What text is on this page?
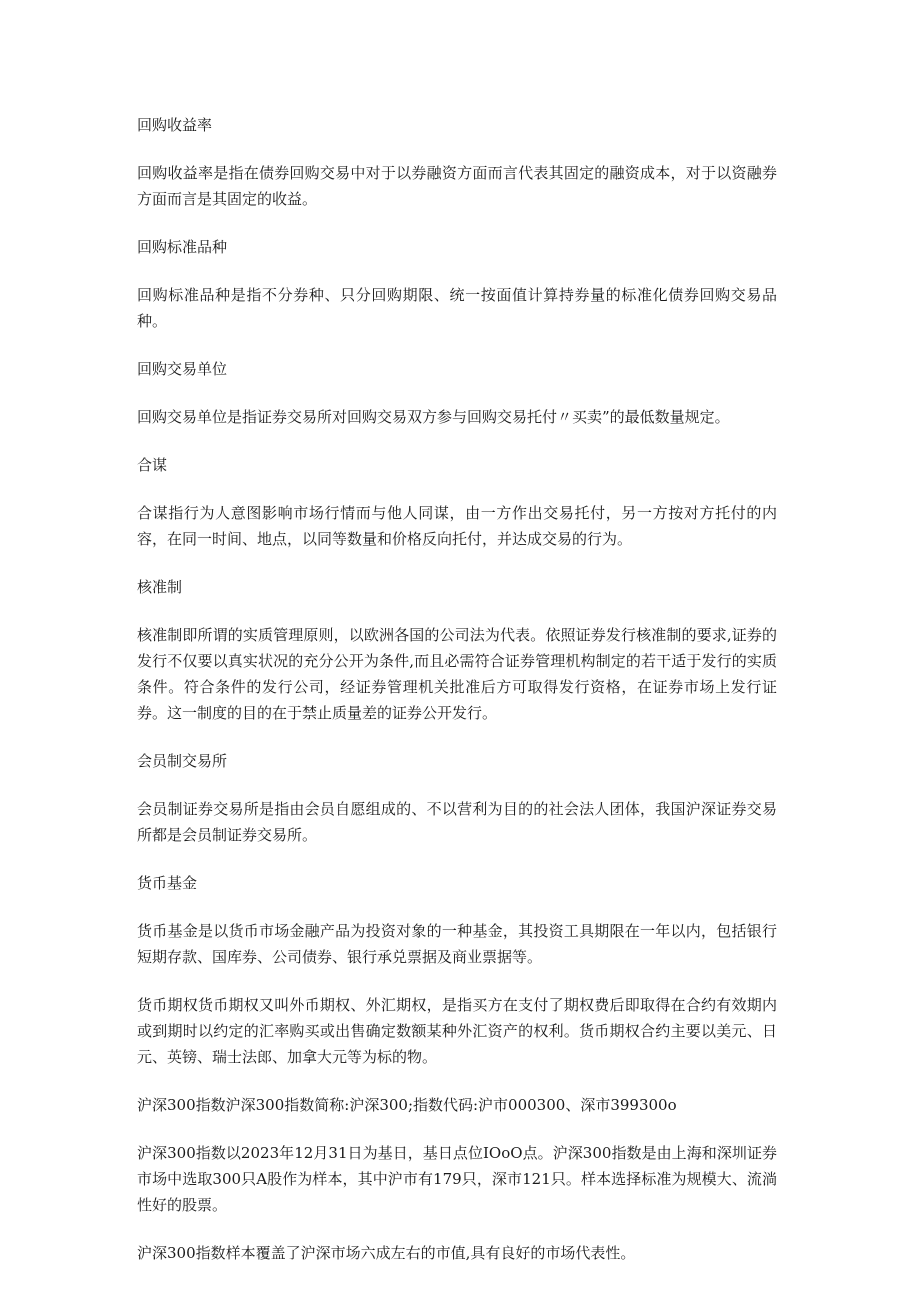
回购收益率

回购收益率是指在债券回购交易中对于以券融资方面而言代表其固定的融资成本，对于以资融券方面而言是其固定的收益。

回购标准品种

回购标准品种是指不分券种、只分回购期限、统一按面值计算持券量的标准化债券回购交易品种。

回购交易单位

回购交易单位是指证券交易所对回购交易双方参与回购交易托付〃买卖”的最低数量规定。

合谋

合谋指行为人意图影响市场行情而与他人同谋，由一方作出交易托付，另一方按对方托付的内容，在同一时间、地点，以同等数量和价格反向托付，并达成交易的行为。

核准制

核准制即所谓的实质管理原则，以欧洲各国的公司法为代表。依照证券发行核准制的要求,证券的发行不仅要以真实状况的充分公开为条件,而且必需符合证券管理机构制定的若干适于发行的实质条件。符合条件的发行公司，经证券管理机关批准后方可取得发行资格，在证券市场上发行证券。这一制度的目的在于禁止质量差的证券公开发行。

会员制交易所

会员制证券交易所是指由会员自愿组成的、不以营利为目的的社会法人团体，我国沪深证券交易所都是会员制证券交易所。

货币基金

货币基金是以货币市场金融产品为投资对象的一种基金，其投资工具期限在一年以内，包括银行短期存款、国库券、公司债券、银行承兑票据及商业票据等。

货币期权货币期权又叫外币期权、外汇期权，是指买方在支付了期权费后即取得在合约有效期内或到期时以约定的汇率购买或出售确定数额某种外汇资产的权利。货币期权合约主要以美元、日元、英镑、瑞士法郎、加拿大元等为标的物。

沪深300指数沪深300指数简称:沪深300;指数代码:沪市000300、深市399300o

沪深300指数以2023年12月31日为基日，基日点位IOoO点。沪深300指数是由上海和深圳证券市场中选取300只A股作为样本，其中沪市有179只，深市121只。样本选择标准为规模大、流淌性好的股票。

沪深300指数样本覆盖了沪深市场六成左右的市值,具有良好的市场代表性。
